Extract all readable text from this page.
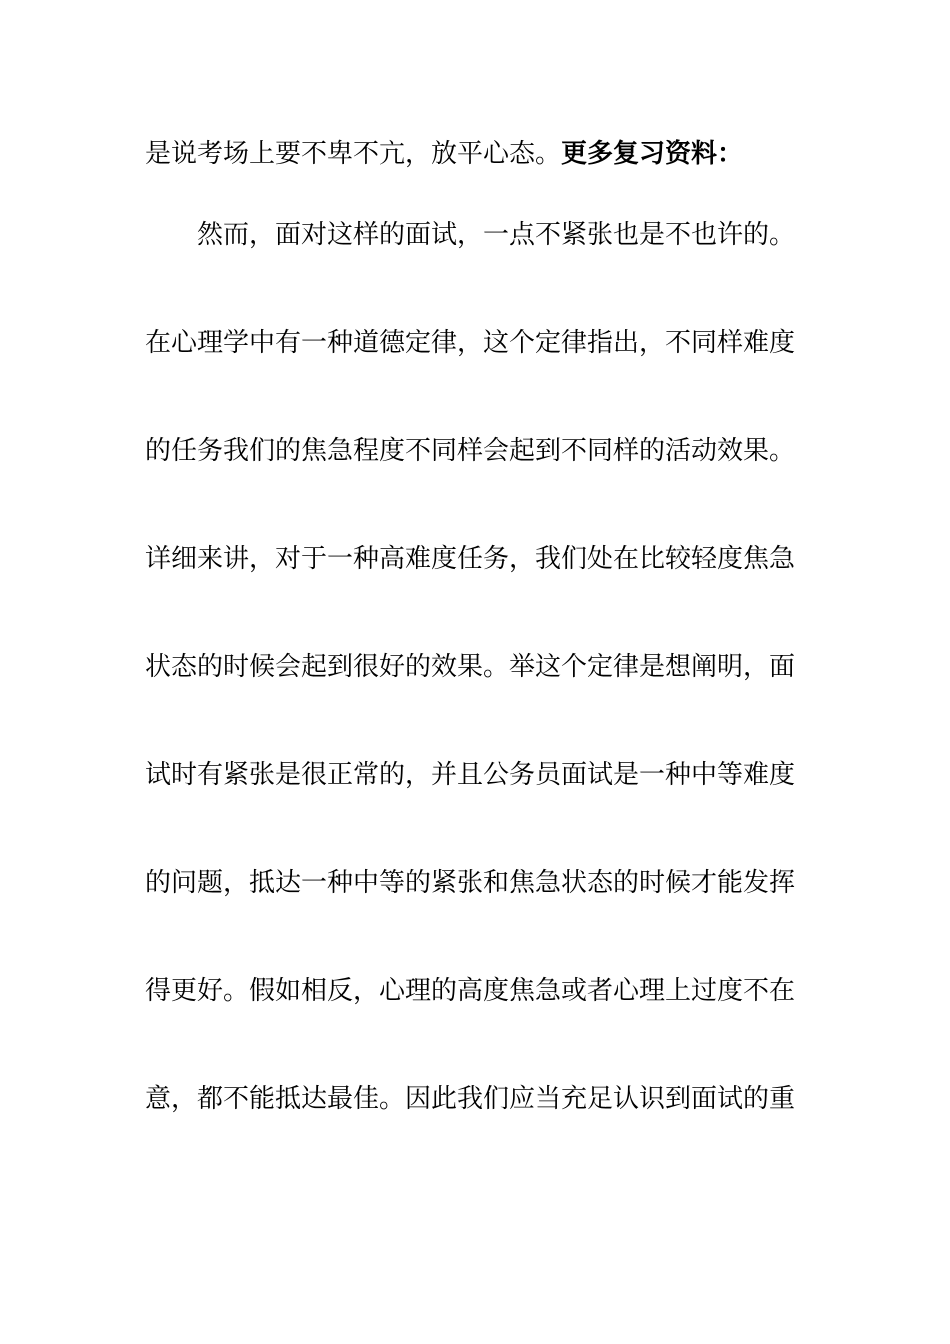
是说考场上要不卑不亢，放平心态。更多复习资料：
然而，面对这样的面试，一点不紧张也是不也许的。
在心理学中有一种道德定律，这个定律指出，不同样难度
的任务我们的焦急程度不同样会起到不同样的活动效果。
详细来讲，对于一种高难度任务，我们处在比较轻度焦急
状态的时候会起到很好的效果。举这个定律是想阐明，面
试时有紧张是很正常的，并且公务员面试是一种中等难度
的问题，抵达一种中等的紧张和焦急状态的时候才能发挥
得更好。假如相反，心理的高度焦急或者心理上过度不在
意，都不能抵达最佳。因此我们应当充足认识到面试的重
